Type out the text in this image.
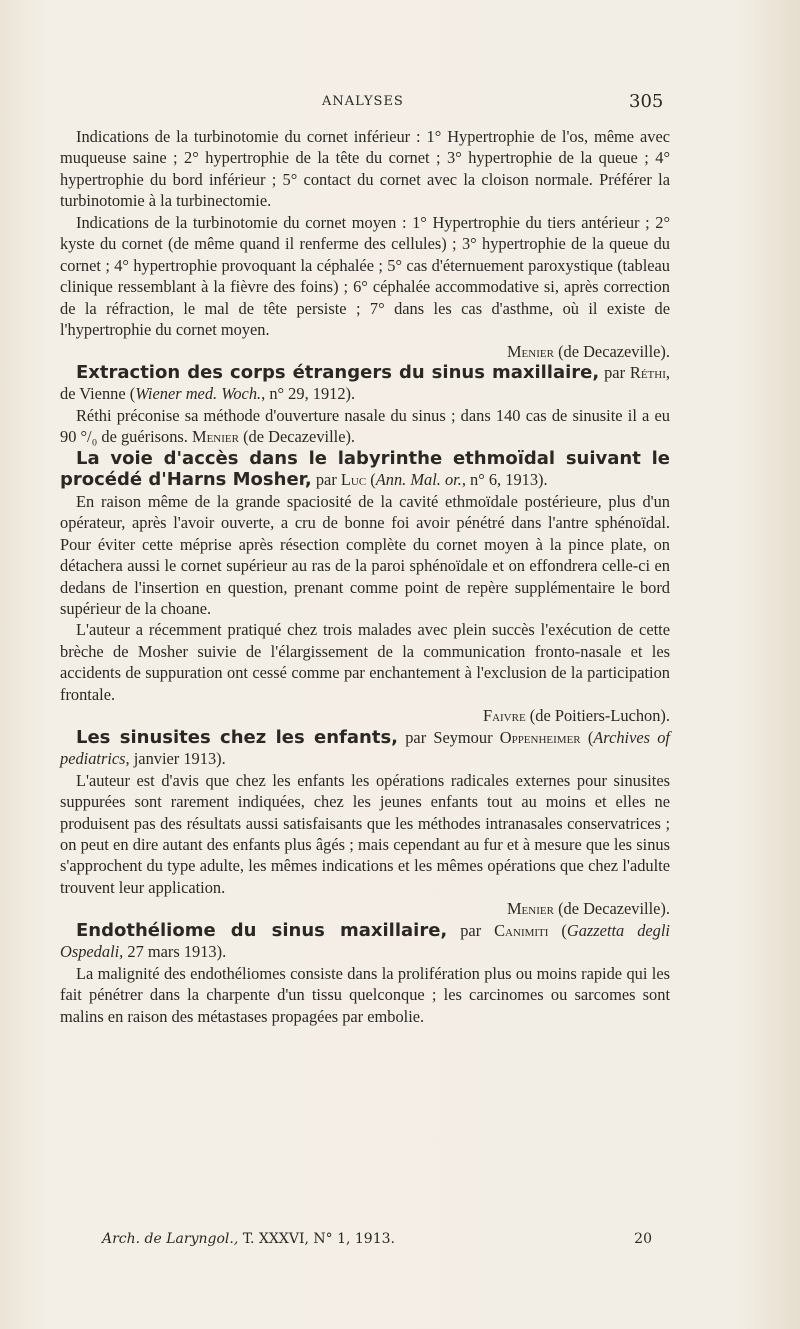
ANALYSES	305

Indications de la turbinotomie du cornet inférieur : 1° Hypertrophie de l'os, même avec muqueuse saine ; 2° hypertrophie de la tête du cornet ; 3° hypertrophie de la queue ; 4° hypertrophie du bord inférieur ; 5° contact du cornet avec la cloison normale. Préférer la turbinotomie à la turbinectomie.

Indications de la turbinotomie du cornet moyen : 1° Hypertrophie du tiers antérieur ; 2° kyste du cornet (de même quand il renferme des cellules) ; 3° hypertrophie de la queue du cornet ; 4° hypertrophie provoquant la céphalée ; 5° cas d'éternuement paroxystique (tableau clinique ressemblant à la fièvre des foins) ; 6° céphalée accommodative si, après correction de la réfraction, le mal de tête persiste ; 7° dans les cas d'asthme, où il existe de l'hypertrophie du cornet moyen.

Menier (de Decazeville).

Extraction des corps étrangers du sinus maxillaire, par Réthi, de Vienne (Wiener med. Woch., n° 29, 1912).

Réthi préconise sa méthode d'ouverture nasale du sinus ; dans 140 cas de sinusite il a eu 90 °/₀ de guérisons. Menier (de Decazeville).

La voie d'accès dans le labyrinthe ethmoïdal suivant le procédé d'Harns Mosher, par Luc (Ann. Mal. or., n° 6, 1913).

En raison même de la grande spaciosité de la cavité ethmoïdale postérieure, plus d'un opérateur, après l'avoir ouverte, a cru de bonne foi avoir pénétré dans l'antre sphénoïdal. Pour éviter cette méprise après résection complète du cornet moyen à la pince plate, on détachera aussi le cornet supérieur au ras de la paroi sphénoïdale et on effondrera celle-ci en dedans de l'insertion en question, prenant comme point de repère supplémentaire le bord supérieur de la choane.

L'auteur a récemment pratiqué chez trois malades avec plein succès l'exécution de cette brèche de Mosher suivie de l'élargissement de la communication fronto-nasale et les accidents de suppuration ont cessé comme par enchantement à l'exclusion de la participation frontale.

Faivre (de Poitiers-Luchon).

Les sinusites chez les enfants, par Seymour Oppenheimer (Archives of pediatrics, janvier 1913).

L'auteur est d'avis que chez les enfants les opérations radicales externes pour sinusites suppurées sont rarement indiquées, chez les jeunes enfants tout au moins et elles ne produisent pas des résultats aussi satisfaisants que les méthodes intranasales conservatrices ; on peut en dire autant des enfants plus âgés ; mais cependant au fur et à mesure que les sinus s'approchent du type adulte, les mêmes indications et les mêmes opérations que chez l'adulte trouvent leur application.

Menier (de Decazeville).

Endothéliome du sinus maxillaire, par Canimiti (Gazzetta degli Ospedali, 27 mars 1913).

La malignité des endothéliomes consiste dans la prolifération plus ou moins rapide qui les fait pénétrer dans la charpente d'un tissu quelconque ; les carcinomes ou sarcomes sont malins en raison des métastases propagées par embolie.

Arch. de Laryngol., T. XXXVI, N° 1, 1913.	20
